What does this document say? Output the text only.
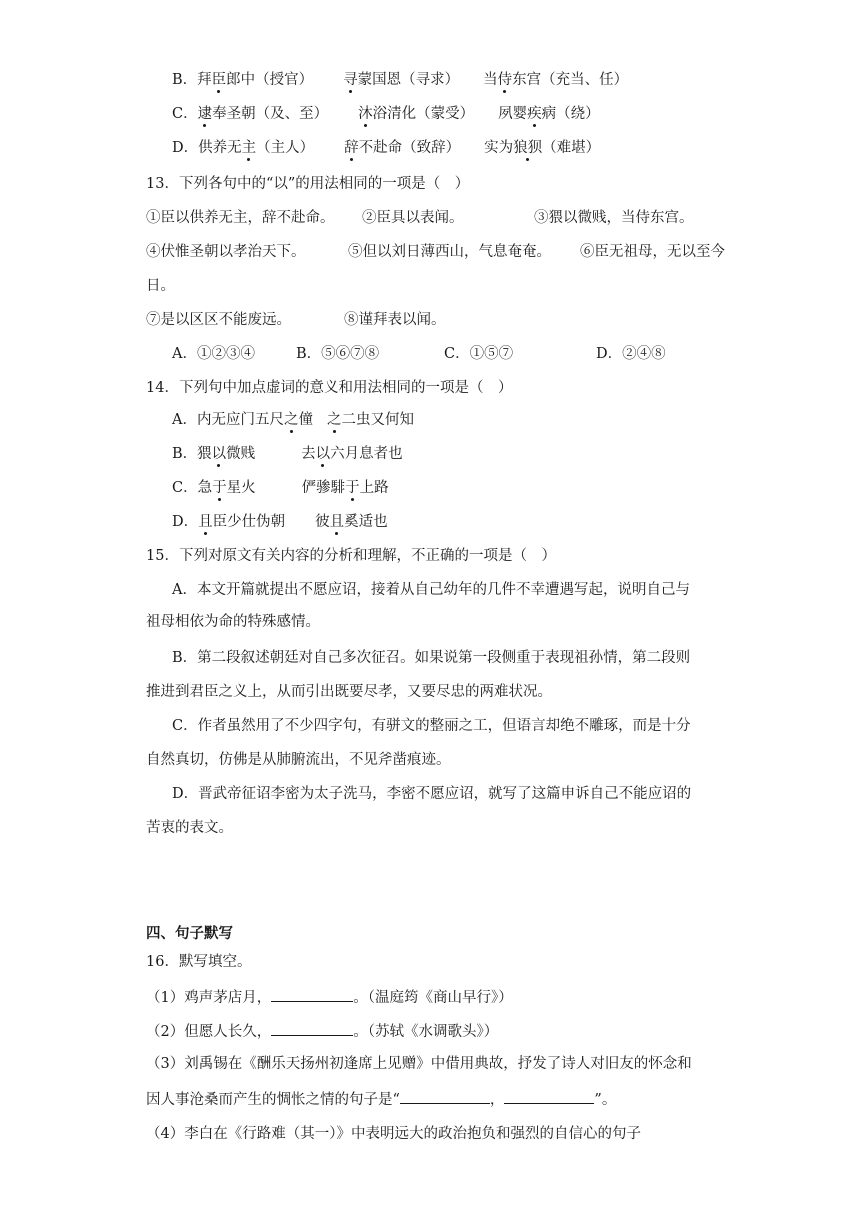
B．拜臣郎中（授官） 寻蒙国恩（寻求） 当侍东宫（充当、任）
C．逮奉圣朝（及、至） 沐浴清化（蒙受） 夙婴疾病（绕）
D．供养无主（主人） 辞不赴命（致辞） 实为狼狈（难堪）
13．下列各句中的“以”的用法相同的一项是（　）
①臣以供养无主，辞不赴命。 ②臣具以表闻。	③猥以微贱，当侍东宫。
④伏惟圣朝以孝治天下。	⑤但以刘日薄西山，气息奄奄。 ⑥臣无祖母，无以至今
日。
⑦是以区区不能废远。	⑧谨拜表以闻。
A．①②③④	B．⑤⑥⑦⑧	C．①⑤⑦	D．②④⑧
14．下列句中加点虚词的意义和用法相同的一项是（　）
A．内无应门五尺之僮 之二虫又何知
B．猥以微贱	去以六月息者也
C．急于星火	俨骖騑于上路
D．且臣少仕伪朝 彼且奚适也
15．下列对原文有关内容的分析和理解，不正确的一项是（　）
A．本文开篇就提出不愿应诏，接着从自己幼年的几件不幸遭遇写起，说明自己与
祖母相依为命的特殊感情。
B．第二段叙述朝廷对自己多次征召。如果说第一段侧重于表现祖孙情，第二段则
推进到君臣之义上，从而引出既要尽孝，又要尽忠的两难状况。
C．作者虽然用了不少四字句，有骈文的整丽之工，但语言却绝不雕琢，而是十分
自然真切，仿佛是从肺腑流出，不见斧凿痕迹。
D．晋武帝征诏李密为太子洗马，李密不愿应诏，就写了这篇申诉自己不能应诏的
苦衷的表文。
四、句子默写
16．默写填空。
（1）鸡声茅店月，	。（温庭筠《商山早行》）
（2）但愿人长久，	。（苏轼《水调歌头》）
（3）刘禹锡在《酬乐天扬州初逢席上见赠》中借用典故，抒发了诗人对旧友的怀念和
因人事沧桑而产生的惆怅之情的句子是“	，	”。
（4）李白在《行路难（其一）》中表明远大的政治抱负和强烈的自信心的句子
